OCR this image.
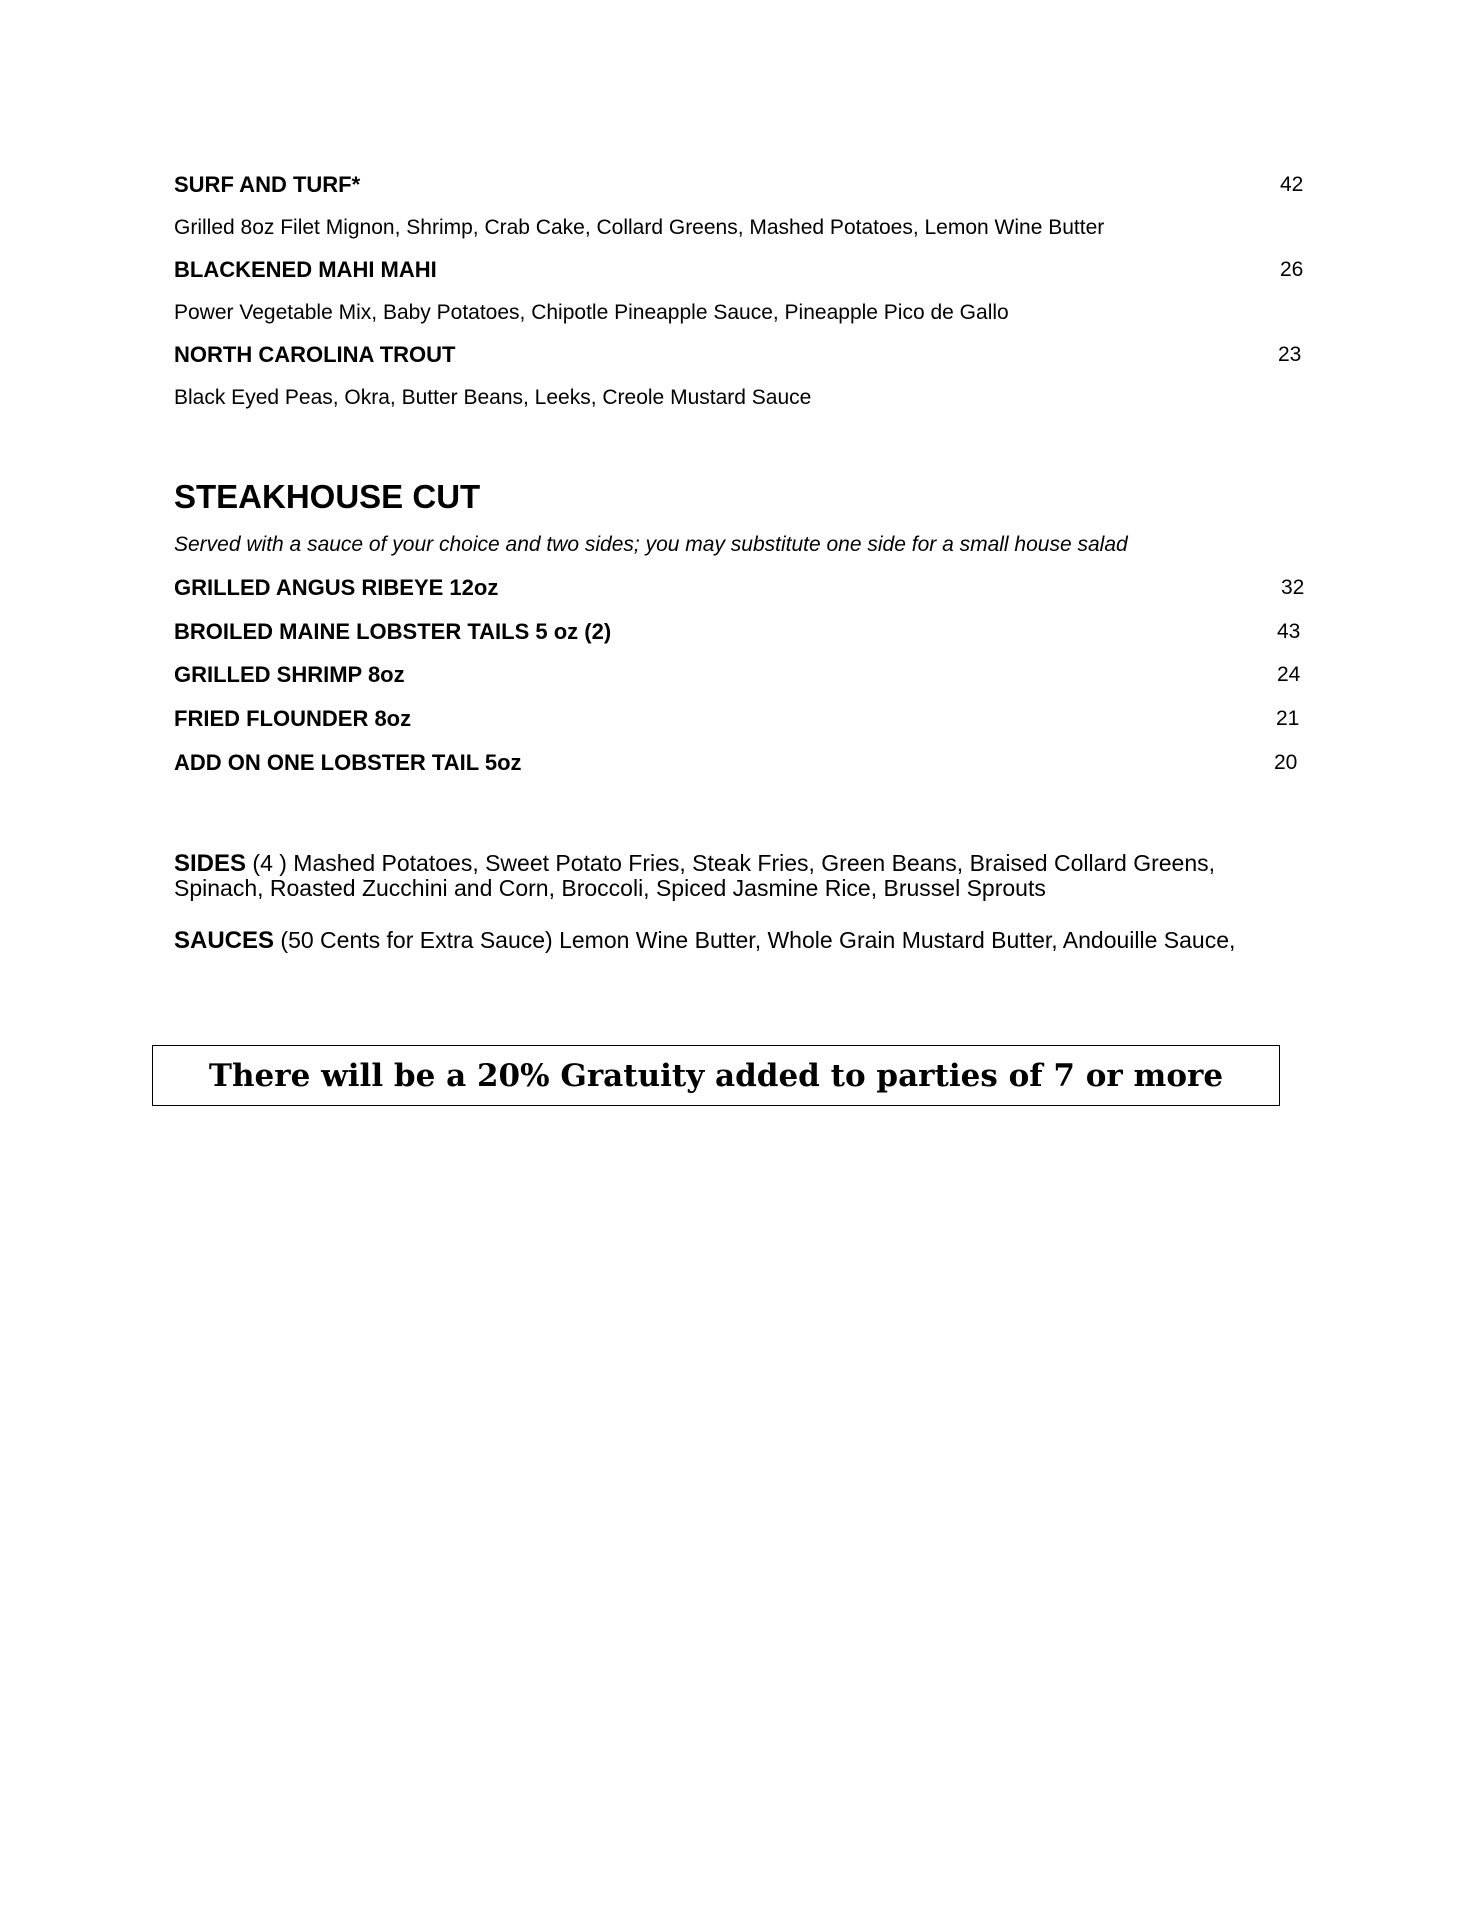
SURF AND TURF*	42
Grilled 8oz Filet Mignon, Shrimp, Crab Cake, Collard Greens, Mashed Potatoes, Lemon Wine Butter
BLACKENED MAHI MAHI	26
Power Vegetable Mix, Baby Potatoes, Chipotle Pineapple Sauce, Pineapple Pico de Gallo
NORTH CAROLINA TROUT	23
Black Eyed Peas, Okra, Butter Beans, Leeks, Creole Mustard Sauce
STEAKHOUSE CUT
Served with a sauce of your choice and two sides; you may substitute one side for a small house salad
GRILLED ANGUS RIBEYE 12oz	32
BROILED MAINE LOBSTER TAILS 5 oz (2)	43
GRILLED SHRIMP 8oz	24
FRIED FLOUNDER 8oz	21
ADD ON ONE LOBSTER TAIL 5oz	20
SIDES (4 ) Mashed Potatoes, Sweet Potato Fries, Steak Fries, Green Beans, Braised Collard Greens,
Spinach, Roasted Zucchini and Corn, Broccoli, Spiced Jasmine Rice, Brussel Sprouts
SAUCES (50 Cents for Extra Sauce) Lemon Wine Butter, Whole Grain Mustard Butter, Andouille Sauce,
There will be a 20% Gratuity added to parties of 7 or more
